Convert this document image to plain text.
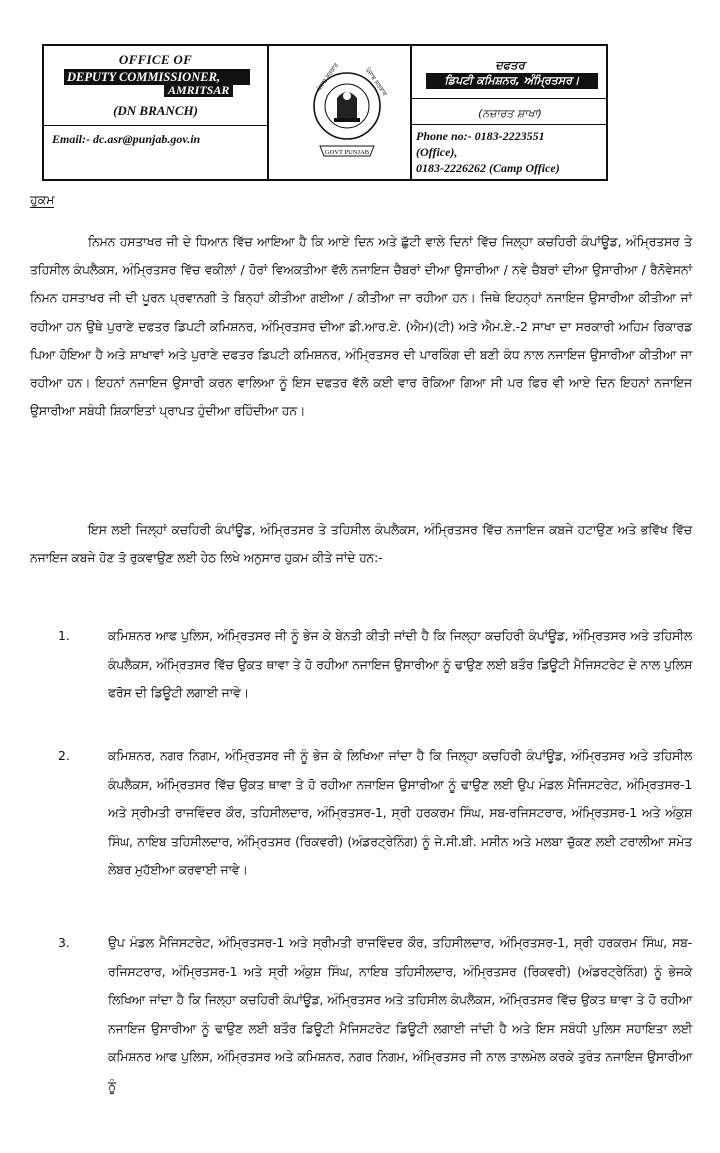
OFFICE OF
DEPUTY COMMISSIONER,
AMRITSAR
(DN BRANCH)
Email:- dc.asr@punjab.gov.in
ਪੰਜਾਬ ਸਰਕਾਰ	ਪੰਜਾਬ ਸਰਕਾਰ
GOVT PUNJAB
ਦਫਤਰ
ਡਿਪਟੀ ਕਮਿਸ਼ਨਰ, ਅੰਮ੍ਰਿਤਸਰ।
(ਨਜ਼ਾਰਤ ਸ਼ਾਖਾ)
Phone no:- 0183-2223551
(Office),
0183-2226262 (Camp Office)
ਹੁਕਮ
ਨਿਮਨ ਹਸਤਾਖਰ ਜੀ ਦੇ ਧਿਆਨ ਵਿੱਚ ਆਇਆ ਹੈ ਕਿ ਆਏ ਦਿਨ ਅਤੇ ਛੁੱਟੀ ਵਾਲੇ ਦਿਨਾਂ ਵਿੱਚ ਜਿਲ੍ਹਾ ਕਚਹਿਰੀ ਕੰਪਾਂਊਡ, ਅੰਮ੍ਰਿਤਸਰ ਤੇ ਤਹਿਸੀਲ ਕੰਪਲੈਕਸ, ਅੰਮ੍ਰਿਤਸਰ ਵਿੱਚ ਵਕੀਲਾਂ / ਹੋਰਾਂ ਵਿਅਕਤੀਆ ਵੱਲੋ ਨਜਾਇਜ ਚੈਬਰਾਂ ਦੀਆ ਉਸਾਰੀਆ / ਨਵੇ ਚੈਬਰਾਂ ਦੀਆ ਉਸਾਰੀਆ / ਰੈਨੋਵੇਸਨਾਂ ਨਿਮਨ ਹਸਤਾਖਰ ਜੀ ਦੀ ਪੂਰਨ ਪ੍ਰਵਾਨਗੀ ਤੇ ਬਿਨ੍ਹਾਂ ਕੀਤੀਆ ਗਈਆ / ਕੀਤੀਆ ਜਾ ਰਹੀਆ ਹਨ। ਜਿਥੇ ਇਹਨ੍ਹਾਂ ਨਜਾਇਜ ਉਸਾਰੀਆ ਕੀਤੀਆ ਜਾਂ ਰਹੀਆ ਹਨ ਉਥੇ ਪੁਰਾਣੇ ਦਫਤਰ ਡਿਪਟੀ ਕਮਿਸ਼ਨਰ, ਅੰਮ੍ਰਿਤਸਰ ਦੀਆ ਡੀ.ਆਰ.ਏ. (ਐਮ)(ਟੀ) ਅਤੇ ਐਮ.ਏ.-2 ਸਾਖਾ ਦਾ ਸਰਕਾਰੀ ਅਹਿਮ ਰਿਕਾਰਡ ਪਿਆ ਹੋਇਆ ਹੈ ਅਤੇ ਸ਼ਾਖਾਵਾਂ ਅਤੇ ਪੁਰਾਣੇ ਦਫਤਰ ਡਿਪਟੀ ਕਮਿਸ਼ਨਰ, ਅੰਮ੍ਰਿਤਸਰ ਦੀ ਪਾਰਕਿੰਗ ਦੀ ਬਣੀ ਕੰਧ ਨਾਲ ਨਜਾਇਜ ਉਸਾਰੀਆ ਕੀਤੀਆ ਜਾ ਰਹੀਆ ਹਨ। ਇਹਨਾਂ ਨਜਾਇਜ ਉਸਾਰੀ ਕਰਨ ਵਾਲਿਆ ਨੂੰ ਇਸ ਦਫਤਰ ਵੱਲੋ ਕਈ ਵਾਰ ਰੋਕਿਆ ਗਿਆ ਸੀ ਪਰ ਫਿਰ ਵੀ ਆਏ ਦਿਨ ਇਹਨਾਂ ਨਜਾਇਜ ਉਸਾਰੀਆ ਸਬੰਧੀ ਸ਼ਿਕਾਇਤਾਂ ਪ੍ਰਾਪਤ ਹੁੰਦੀਆ ਰਹਿੰਦੀਆ ਹਨ।
ਇਸ ਲਈ ਜਿਲ੍ਹਾਂ ਕਚਹਿਰੀ ਕੰਪਾਂਊਡ, ਅੰਮ੍ਰਿਤਸਰ ਤੇ ਤਹਿਸੀਲ ਕੰਪਲੈਕਸ, ਅੰਮ੍ਰਿਤਸਰ ਵਿੱਚ ਨਜਾਇਜ ਕਬਜੇ ਹਟਾਉਣ ਅਤੇ ਭਵਿੱਖ ਵਿੱਚ ਨਜਾਇਜ ਕਬਜੇ ਹੋਣ ਤੋ ਰੁਕਵਾਉਣ ਲਈ ਹੇਠ ਲਿਖੇ ਅਨੁਸਾਰ ਹੁਕਮ ਕੀਤੇ ਜਾਂਦੇ ਹਨ:-
1.	ਕਮਿਸ਼ਨਰ ਆਫ ਪੁਲਿਸ, ਅੰਮ੍ਰਿਤਸਰ ਜੀ ਨੂੰ ਭੇਜ ਕੇ ਬੇਨਤੀ ਕੀਤੀ ਜਾਂਦੀ ਹੈ ਕਿ ਜਿਲ੍ਹਾ ਕਚਹਿਰੀ ਕੰਪਾਂਊਡ, ਅੰਮ੍ਰਿਤਸਰ ਅਤੇ ਤਹਿਸੀਲ ਕੰਪਲੈਕਸ, ਅੰਮ੍ਰਿਤਸਰ ਵਿੱਚ ਉਕਤ ਥਾਵਾ ਤੇ ਹੋ ਰਹੀਆ ਨਜਾਇਜ ਉਸਾਰੀਆ ਨੂੰ ਢਾਉਣ ਲਈ ਬਤੌਰ ਡਿਊਟੀ ਮੈਜਿਸਟਰੇਟ ਦੇ ਨਾਲ ਪੁਲਿਸ ਫਰੋਸ ਦੀ ਡਿਊਟੀ ਲਗਾਈ ਜਾਵੇ।
2.	ਕਮਿਸ਼ਨਰ, ਨਗਰ ਨਿਗਮ, ਅੰਮ੍ਰਿਤਸਰ ਜੀ ਨੂੰ ਭੇਜ ਕੇ ਲਿਖਿਆ ਜਾਂਦਾ ਹੈ ਕਿ ਜਿਲ੍ਹਾ ਕਚਹਿਰੀ ਕੰਪਾਂਊਡ, ਅੰਮ੍ਰਿਤਸਰ ਅਤੇ ਤਹਿਸੀਲ ਕੰਪਲੈਕਸ, ਅੰਮ੍ਰਿਤਸਰ ਵਿੱਚ ਉਕਤ ਥਾਵਾ ਤੇ ਹੋ ਰਹੀਆ ਨਜਾਇਜ ਉਸਾਰੀਆ ਨੂੰ ਢਾਉਣ ਲਈ ਉਪ ਮੰਡਲ ਮੈਜਿਸਟਰੇਟ, ਅੰਮ੍ਰਿਤਸਰ-1 ਅਤੇ ਸ੍ਰੀਮਤੀ ਰਾਜਵਿੰਦਰ ਕੌਰ, ਤਹਿਸੀਲਦਾਰ, ਅੰਮ੍ਰਿਤਸਰ-1, ਸ੍ਰੀ ਹਰਕਰਮ ਸਿੰਘ, ਸਬ-ਰਜਿਸਟਰਾਰ, ਅੰਮ੍ਰਿਤਸਰ-1 ਅਤੇ ਅੰਕੁਸ਼ ਸਿੰਘ, ਨਾਇਬ ਤਹਿਸੀਲਦਾਰ, ਅੰਮ੍ਰਿਤਸਰ (ਰਿਕਵਰੀ) (ਅੰਡਰਟ੍ਰੇਨਿੰਗ) ਨੂੰ ਜੇ.ਸੀ.ਬੀ. ਮਸੀਨ ਅਤੇ ਮਲਬਾ ਚੁੱਕਣ ਲਈ ਟਰਾਲੀਆ ਸਮੇਤ ਲੇਬਰ ਮੁਹੱਈਆ ਕਰਵਾਈ ਜਾਵੇ।
3.	ਉਪ ਮੰਡਲ ਮੈਜਿਸਟਰੇਟ, ਅੰਮ੍ਰਿਤਸਰ-1 ਅਤੇ ਸ੍ਰੀਮਤੀ ਰਾਜਵਿੰਦਰ ਕੌਰ, ਤਹਿਸੀਲਦਾਰ, ਅੰਮ੍ਰਿਤਸਰ-1, ਸ੍ਰੀ ਹਰਕਰਮ ਸਿੰਘ, ਸਬ-ਰਜਿਸਟਰਾਰ, ਅੰਮ੍ਰਿਤਸਰ-1 ਅਤੇ ਸ੍ਰੀ ਅੰਕੁਸ਼ ਸਿੰਘ, ਨਾਇਬ ਤਹਿਸੀਲਦਾਰ, ਅੰਮ੍ਰਿਤਸਰ (ਰਿਕਵਰੀ) (ਅੰਡਰਟ੍ਰੇਨਿੰਗ) ਨੂੰ ਭੇਜਕੇ ਲਿਖਿਆ ਜਾਂਦਾ ਹੈ ਕਿ ਜਿਲ੍ਹਾ ਕਚਹਿਰੀ ਕੰਪਾਂਊਡ, ਅੰਮ੍ਰਿਤਸਰ ਅਤੇ ਤਹਿਸੀਲ ਕੰਪਲੈਕਸ, ਅੰਮ੍ਰਿਤਸਰ ਵਿੱਚ ਉਕਤ ਥਾਵਾ ਤੇ ਹੋ ਰਹੀਆ ਨਜਾਇਜ ਉਸਾਰੀਆ ਨੂੰ ਢਾਉਣ ਲਈ ਬਤੌਰ ਡਿਊਟੀ ਮੈਜਿਸਟਰੇਟ ਡਿਊਟੀ ਲਗਾਈ ਜਾਂਦੀ ਹੈ ਅਤੇ ਇਸ ਸਬੰਧੀ ਪੁਲਿਸ ਸਹਾਇਤਾ ਲਈ ਕਮਿਸ਼ਨਰ ਆਫ ਪੁਲਿਸ, ਅੰਮ੍ਰਿਤਸਰ ਅਤੇ ਕਮਿਸ਼ਨਰ, ਨਗਰ ਨਿਗਮ, ਅੰਮ੍ਰਿਤਸਰ ਜੀ ਨਾਲ ਤਾਲਮੇਲ ਕਰਕੇ ਤੁਰੰਤ ਨਜਾਇਜ ਉਸਾਰੀਆ ਨੂੰ
